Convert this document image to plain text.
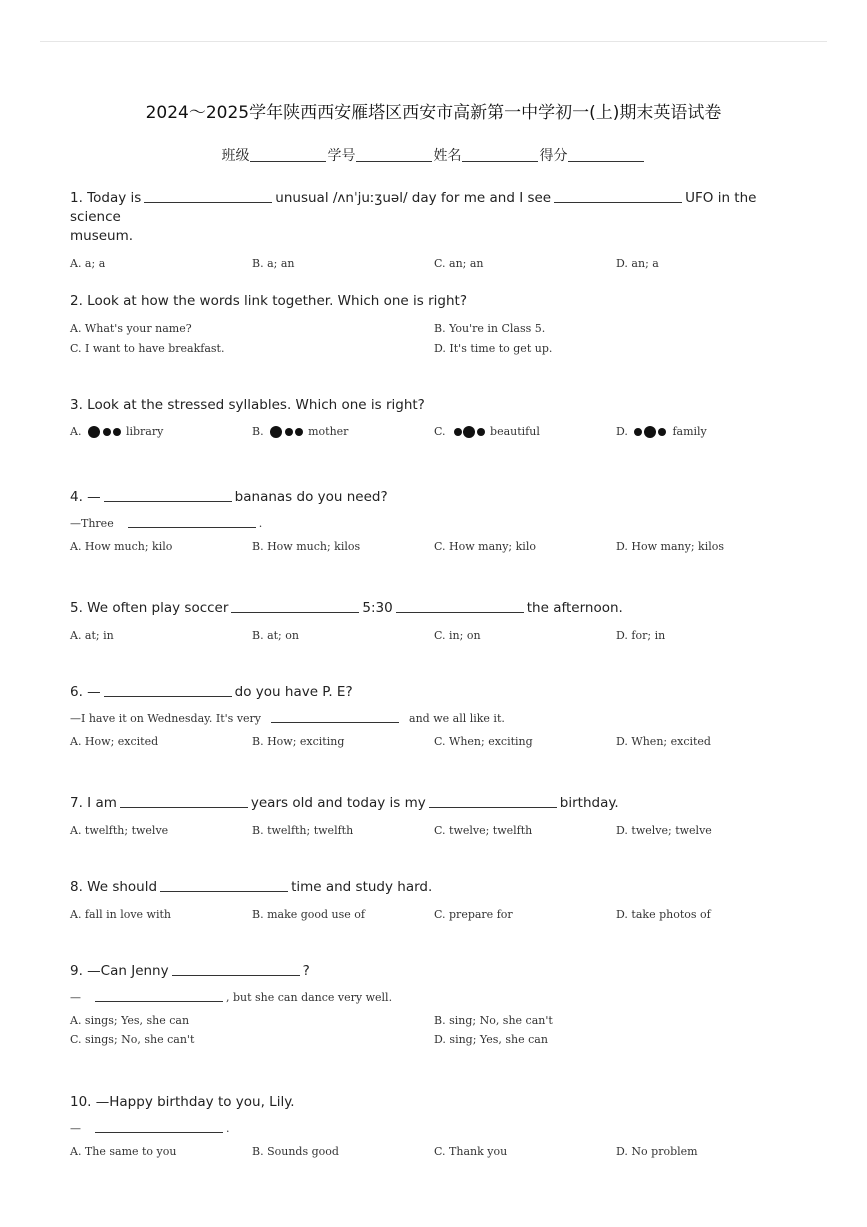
2024～2025学年陕西西安雁塔区西安市高新第一中学初一(上)期末英语试卷
班级	学号	姓名	得分
1. Today is	unusual /ʌnˈjuːʒuəl/ day for me and I see	UFO in the science
museum.
A. a; a	B. a; an	C. an; an	D. an; a
2. Look at how the words link together. Which one is right?
A. What's your name?	B. You're in Class 5.
C. I want to have breakfast.	D. It's time to get up.
3. Look at the stressed syllables. Which one is right?
A.	library	B.	mother	C.	beautiful	D.	family
4. —	bananas do you need?
—Three	.
A. How much; kilo	B. How much; kilos	C. How many; kilo	D. How many; kilos
5. We often play soccer	5:30	the afternoon.
A. at; in	B. at; on	C. in; on	D. for; in
6. —	do you have P. E?
—I have it on Wednesday. It's very	and we all like it.
A. How; excited	B. How; exciting	C. When; exciting	D. When; excited
7. I am	years old and today is my	birthday.
A. twelfth; twelve	B. twelfth; twelfth	C. twelve; twelfth	D. twelve; twelve
8. We should	time and study hard.
A. fall in love with	B. make good use of	C. prepare for	D. take photos of
9. —Can Jenny	?
—	, but she can dance very well.
A. sings; Yes, she can	B. sing; No, she can't
C. sings; No, she can't	D. sing; Yes, she can
10. —Happy birthday to you, Lily.
—	.
A. The same to you	B. Sounds good	C. Thank you	D. No problem
